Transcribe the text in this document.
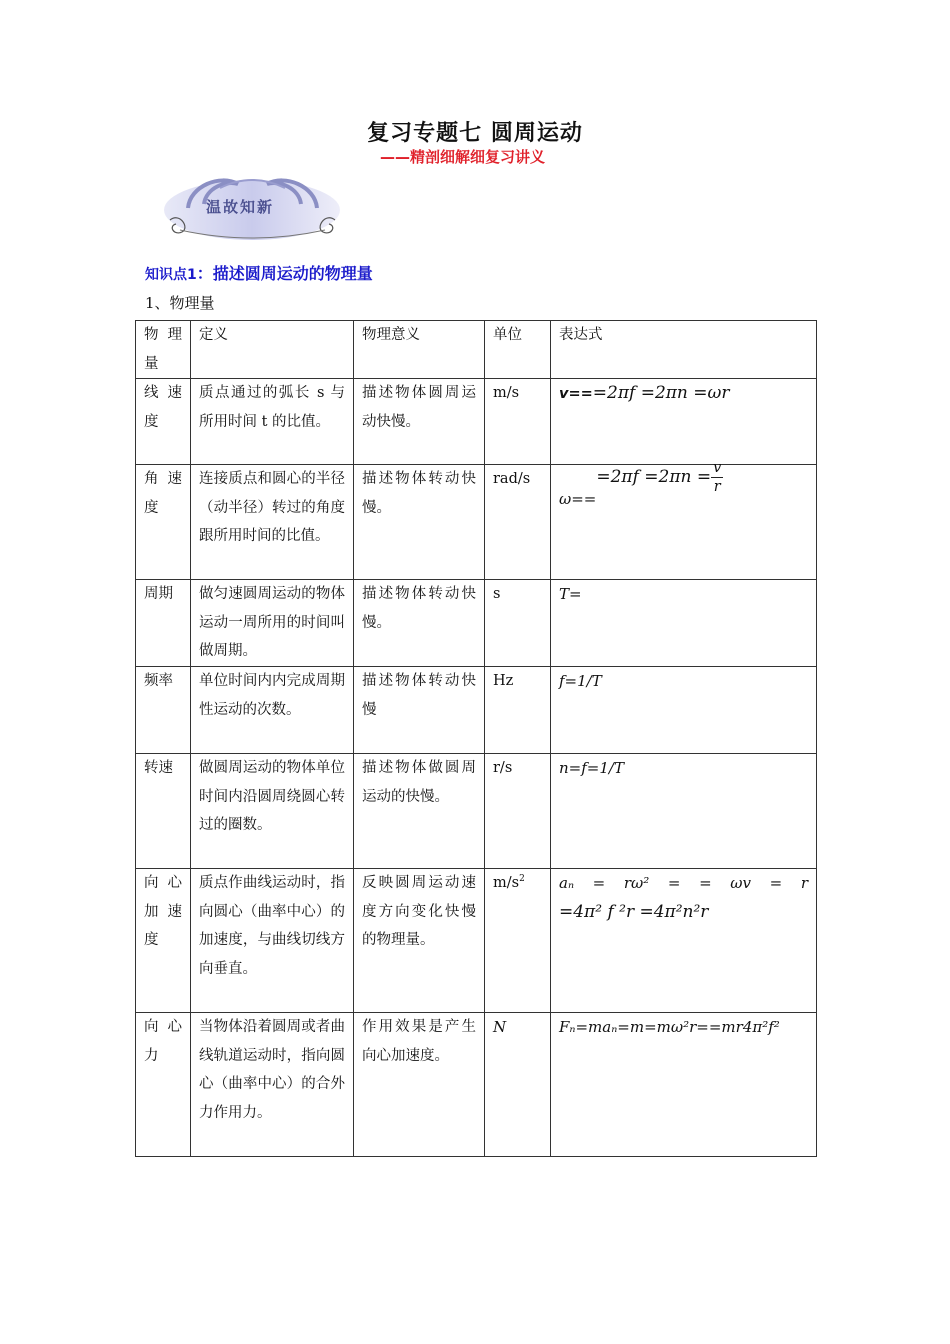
复习专题七 圆周运动
——精剖细解细复习讲义
温故知新
知识点1：描述圆周运动的物理量
1、物理量
物理量	定义	物理意义	单位	表达式
线速度	质点通过的弧长 s 与所用时间 t 的比值。	描述物体圆周运动快慢。	m/s	v===2πf =2πn =ωr
角速度	连接质点和圆心的半径（动半径）转过的角度跟所用时间的比值。	描述物体转动快慢。	rad/s	$\omega===2\pi f =2\pi n = \frac{v}{r}$

周期	做匀速圆周运动的物体运动一周所用的时间叫做周期。	描述物体转动快慢。	s	T=
频率	单位时间内内完成周期性运动的次数。	描述物体转动快慢	Hz	f=1/T
转速	做圆周运动的物体单位时间内沿圆周绕圆心转过的圈数。	描述物体做圆周运动的快慢。	r/s	n=f=1/T
向心加速度	质点作曲线运动时，指向圆心（曲率中心）的加速度，与曲线切线方向垂直。	反映圆周运动速度方向变化快慢的物理量。	$m/s^2$	aₙ = rω² = = ωv = r
=4π² f ²r =4π²n²r

向心力	当物体沿着圆周或者曲线轨道运动时，指向圆心（曲率中心）的合外力作用力。	作用效果是产生向心加速度。	N	Fₙ=maₙ=m=mω²r==mr4π²f²
